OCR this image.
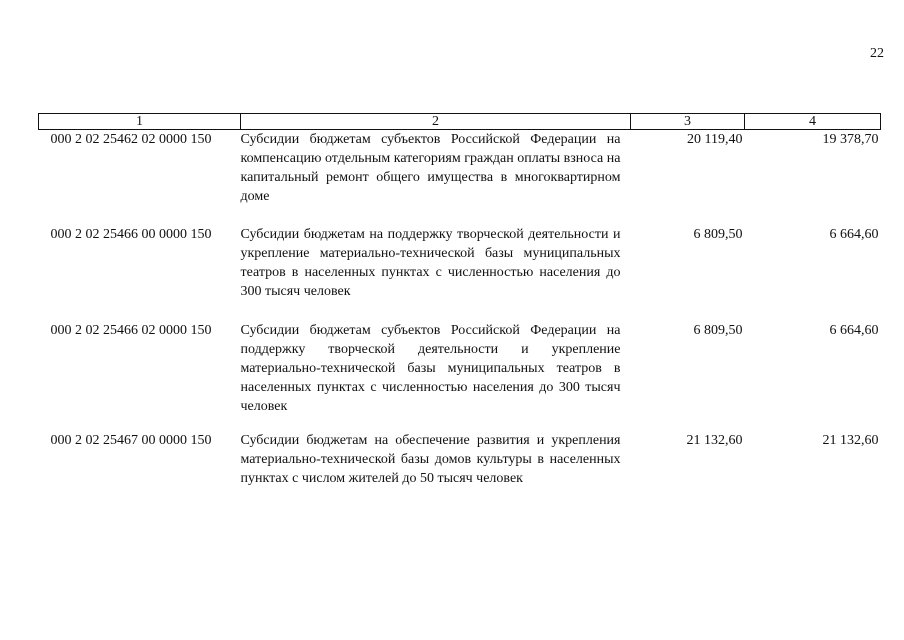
22
1	2	3	4
000 2 02 25462 02 0000 150	Субсидии бюджетам субъектов Российской Федерации на компенсацию отдельным категориям граждан оплаты взноса на капитальный ремонт общего имущества в многоквартирном доме	20 119,40	19 378,70
000 2 02 25466 00 0000 150	Субсидии бюджетам на поддержку творческой деятельности и укрепление материально-технической базы муниципальных театров в населенных пунктах с численностью населения до 300 тысяч человек	6 809,50	6 664,60
000 2 02 25466 02 0000 150	Субсидии бюджетам субъектов Российской Федерации на поддержку творческой деятельности и укрепление материально-технической базы муниципальных театров в населенных пунктах с численностью населения до 300 тысяч человек	6 809,50	6 664,60
000 2 02 25467 00 0000 150	Субсидии бюджетам на обеспечение развития и укрепления материально-технической базы домов культуры в населенных пунктах с числом жителей до 50 тысяч человек	21 132,60	21 132,60
